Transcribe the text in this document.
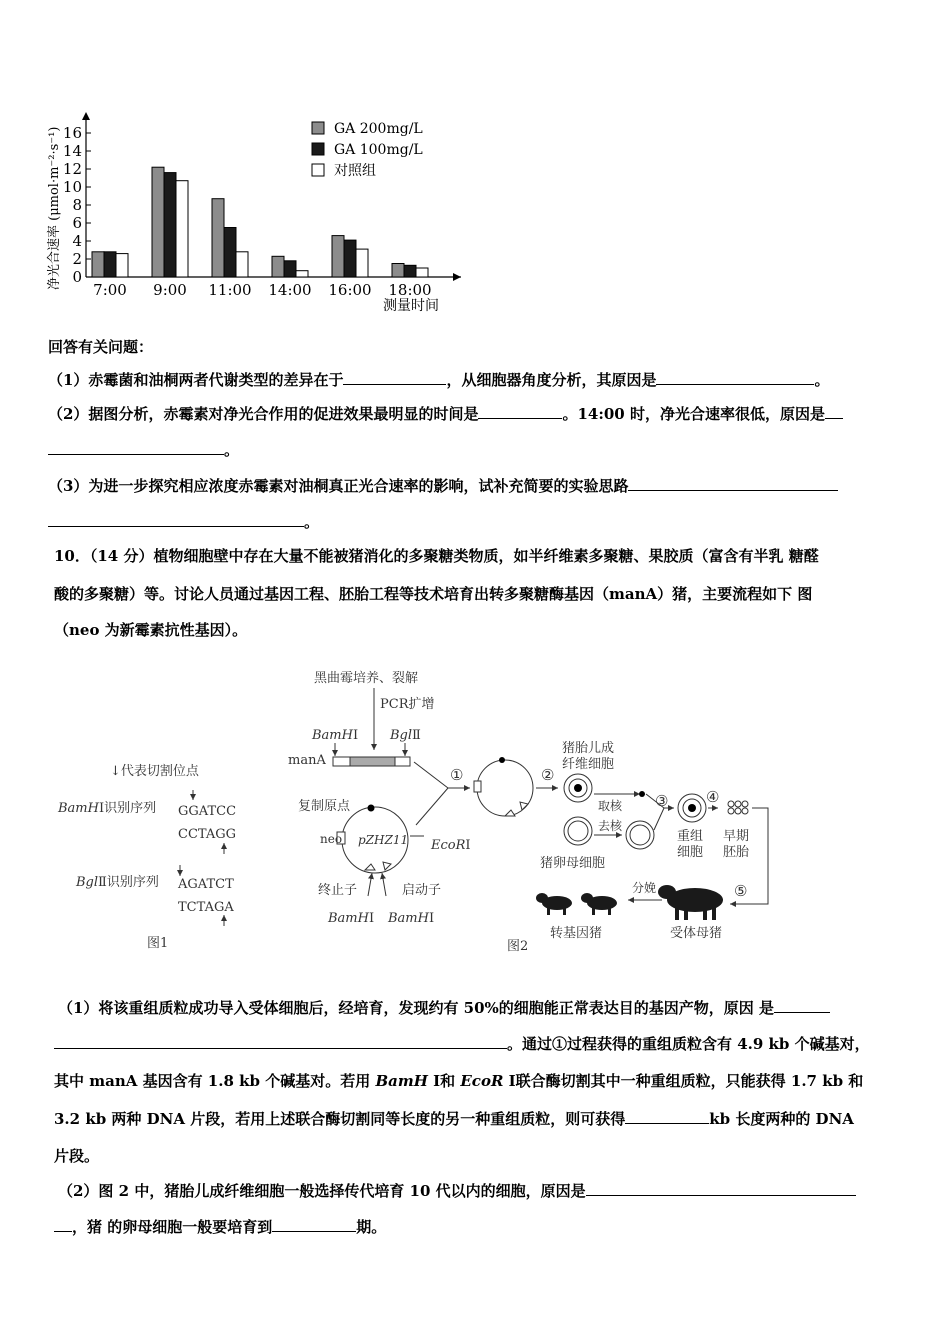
0
2
4
6
8
10
12
14
16
7:00 9:00 11:00 14:00 16:00 18:00
GA 200mg/L
GA 100mg/L
对照组
净光合速率 (μmol·m⁻²·s⁻¹)
测量时间
回答有关问题：
（1）赤霉菌和油桐两者代谢类型的差异在于	，从细胞器角度分析，其原因是	。
（2）据图分析，赤霉素对净光合作用的促进效果最明显的时间是	。14:00 时，净光合速率很低，原因是
。
（3）为进一步探究相应浓度赤霉素对油桐真正光合速率的影响，试补充简要的实验思路
。
10．（14 分）植物细胞壁中存在大量不能被猪消化的多聚糖类物质，如半纤维素多聚糖、果胶质（富含有半乳 糖醛
酸的多聚糖）等。讨论人员通过基因工程、胚胎工程等技术培育出转多聚糖酶基因（manA）猪，主要流程如下 图
（neo 为新霉素抗性基因）。
↓代表切割位点
BamHⅠ识别序列 GGATCC
CCTAGG
BglⅡ识别序列 AGATCT
TCTAGA
图1
黑曲霉培养、裂解
PCR扩增
BamHⅠ BglⅡ
manA
①
复制原点
neo pZHZ11 EcoRⅠ
终止子	启动子
BamHⅠ BamHⅠ
②
猪胎儿成
纤维细胞
取核
去核
猪卵母细胞
③
重组
细胞
④
早期
胚胎
⑤
受体母猪
分娩
转基因猪
图2
（1）将该重组质粒成功导入受体细胞后，经培育，发现约有 50%的细胞能正常表达目的基因产物，原因 是
。通过①过程获得的重组质粒含有 4.9 kb 个碱基对，
其中 manA 基因含有 1.8 kb 个碱基对。若用 BamH Ⅰ和 EcoR Ⅰ联合酶切割其中一种重组质粒，只能获得 1.7 kb 和
3.2 kb 两种 DNA 片段，若用上述联合酶切割同等长度的另一种重组质粒，则可获得	kb 长度两种的 DNA
片段。
（2）图 2 中，猪胎儿成纤维细胞一般选择传代培育 10 代以内的细胞，原因是
，猪 的卵母细胞一般要培育到	期。
